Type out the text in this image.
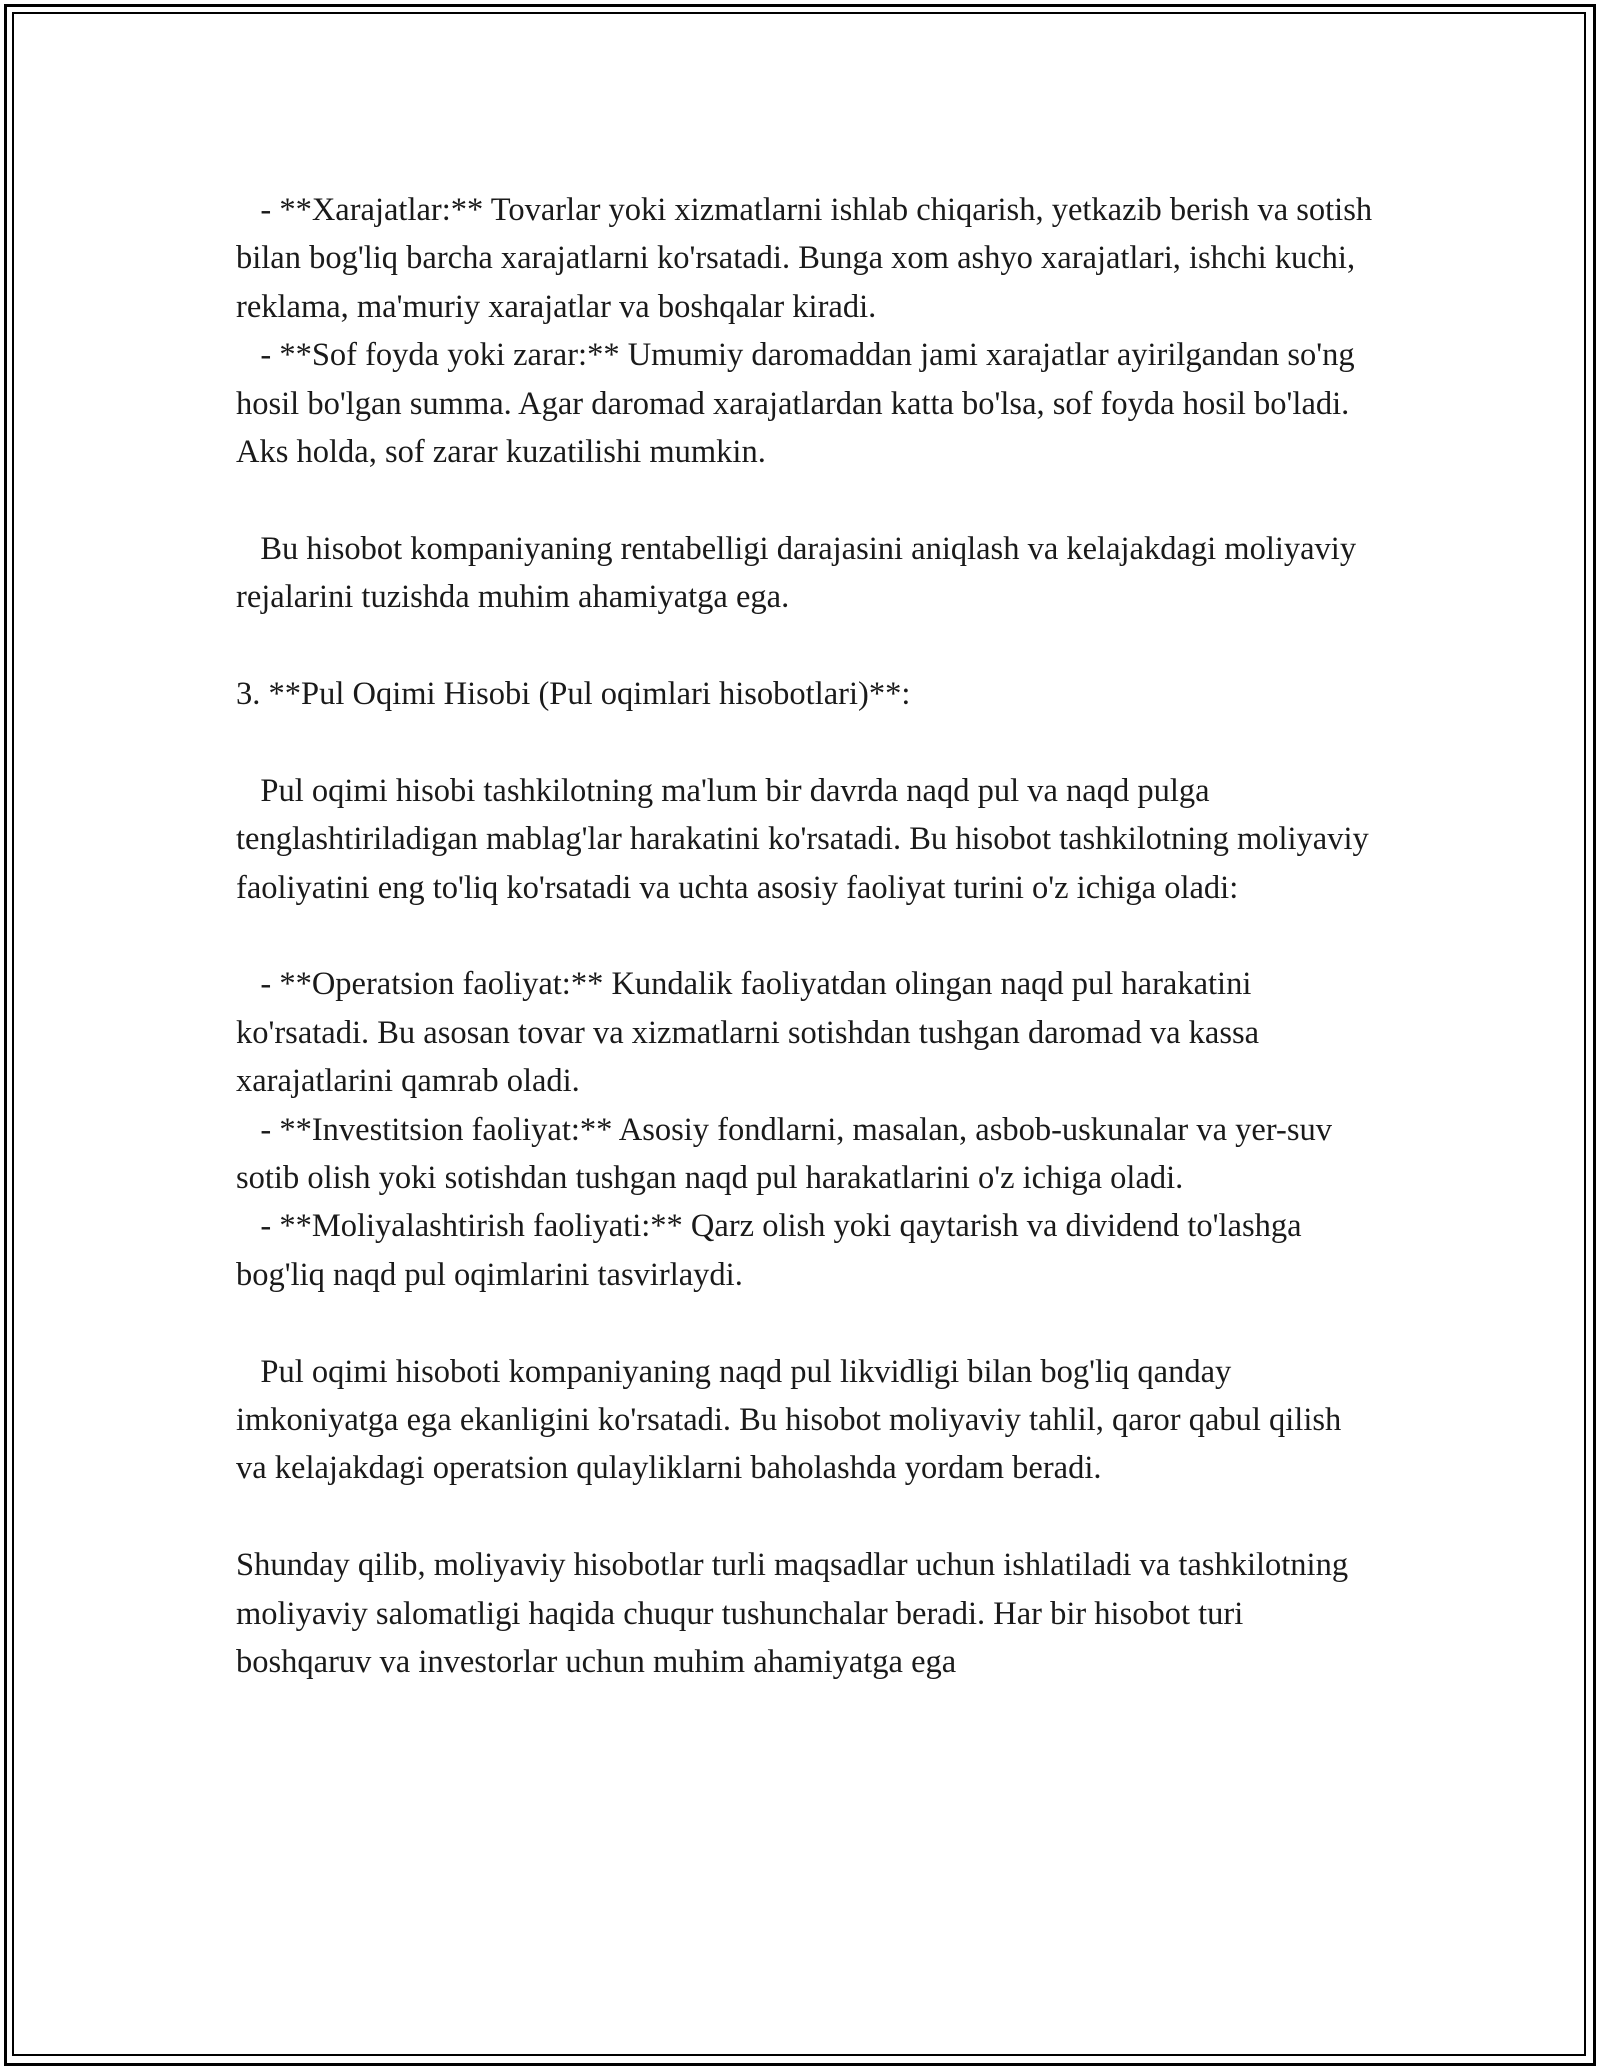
- **Xarajatlar:** Tovarlar yoki xizmatlarni ishlab chiqarish, yetkazib berish va sotish bilan bog'liq barcha xarajatlarni ko'rsatadi. Bunga xom ashyo xarajatlari, ishchi kuchi, reklama, ma'muriy xarajatlar va boshqalar kiradi.

- **Sof foyda yoki zarar:** Umumiy daromaddan jami xarajatlar ayirilgandan so'ng hosil bo'lgan summa. Agar daromad xarajatlardan katta bo'lsa, sof foyda hosil bo'ladi. Aks holda, sof zarar kuzatilishi mumkin.

Bu hisobot kompaniyaning rentabelligi darajasini aniqlash va kelajakdagi moliyaviy rejalarini tuzishda muhim ahamiyatga ega.

3. **Pul Oqimi Hisobi (Pul oqimlari hisobotlari)**:

Pul oqimi hisobi tashkilotning ma'lum bir davrda naqd pul va naqd pulga tenglashtiriladigan mablag'lar harakatini ko'rsatadi. Bu hisobot tashkilotning moliyaviy faoliyatini eng to'liq ko'rsatadi va uchta asosiy faoliyat turini o'z ichiga oladi:

- **Operatsion faoliyat:** Kundalik faoliyatdan olingan naqd pul harakatini ko'rsatadi. Bu asosan tovar va xizmatlarni sotishdan tushgan daromad va kassa xarajatlarini qamrab oladi.

- **Investitsion faoliyat:** Asosiy fondlarni, masalan, asbob-uskunalar va yer-suv sotib olish yoki sotishdan tushgan naqd pul harakatlarini o'z ichiga oladi.

- **Moliyalashtirish faoliyati:** Qarz olish yoki qaytarish va dividend to'lashga bog'liq naqd pul oqimlarini tasvirlaydi.

Pul oqimi hisoboti kompaniyaning naqd pul likvidligi bilan bog'liq qanday imkoniyatga ega ekanligini ko'rsatadi. Bu hisobot moliyaviy tahlil, qaror qabul qilish va kelajakdagi operatsion qulayliklarni baholashda yordam beradi.

Shunday qilib, moliyaviy hisobotlar turli maqsadlar uchun ishlatiladi va tashkilotning moliyaviy salomatligi haqida chuqur tushunchalar beradi. Har bir hisobot turi boshqaruv va investorlar uchun muhim ahamiyatga ega
